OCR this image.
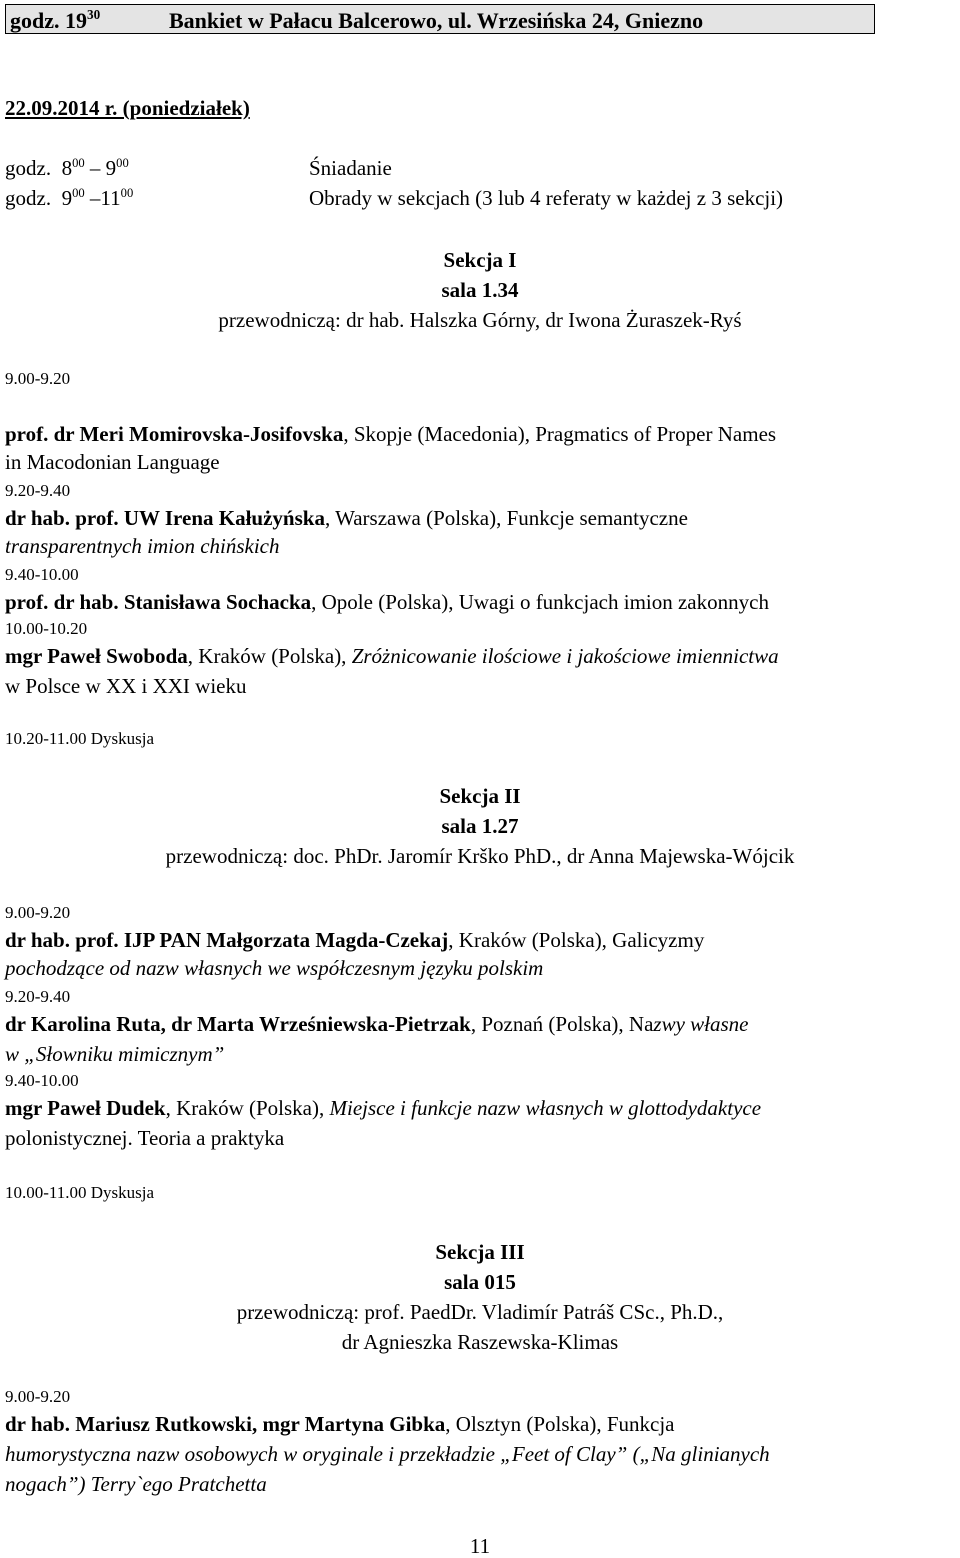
godz. $19^{30}$	Bankiet w Pałacu Balcerowo, ul. Wrzesińska 24, Gniezno
22.09.2014 r. (poniedziałek)
godz. $8^{00} - 9^{00}$	Śniadanie
godz. $9^{00}$ $-11^{00}$	Obrady w sekcjach (3 lub 4 referaty w każdej z 3 sekcji)
Sekcja I
sala 1.34
przewodniczą: dr hab. Halszka Górny, dr Iwona Żuraszek-Ryś
9.00-9.20
prof. dr Meri Momirovska-Josifovska, Skopje (Macedonia), Pragmatics of Proper Names
in Macodonian Language
9.20-9.40
dr hab. prof. UW Irena Kałużyńska, Warszawa (Polska), Funkcje semantyczne
transparentnych imion chińskich
9.40-10.00
prof. dr hab. Stanisława Sochacka, Opole (Polska), Uwagi o funkcjach imion zakonnych
10.00-10.20
mgr Paweł Swoboda, Kraków (Polska), Zróżnicowanie ilościowe i jakościowe imiennictwa
w Polsce w XX i XXI wieku
10.20-11.00 Dyskusja
Sekcja II
sala 1.27
przewodniczą: doc. PhDr. Jaromír Krško PhD., dr Anna Majewska-Wójcik
9.00-9.20
dr hab. prof. IJP PAN Małgorzata Magda-Czekaj, Kraków (Polska), Galicyzmy
pochodzące od nazw własnych we współczesnym języku polskim
9.20-9.40
dr Karolina Ruta, dr Marta Wrześniewska-Pietrzak, Poznań (Polska), Nazwy własne
w „Słowniku mimicznym”
9.40-10.00
mgr Paweł Dudek, Kraków (Polska), Miejsce i funkcje nazw własnych w glottodydaktyce
polonistycznej. Teoria a praktyka
10.00-11.00 Dyskusja
Sekcja III
sala 015
przewodniczą: prof. PaedDr. Vladimír Patráš CSc., Ph.D.,
dr Agnieszka Raszewska-Klimas
9.00-9.20
dr hab. Mariusz Rutkowski, mgr Martyna Gibka, Olsztyn (Polska), Funkcja
humorystyczna nazw osobowych w oryginale i przekładzie „Feet of Clay” („Na glinianych
nogach”) Terry`ego Pratchetta
11
